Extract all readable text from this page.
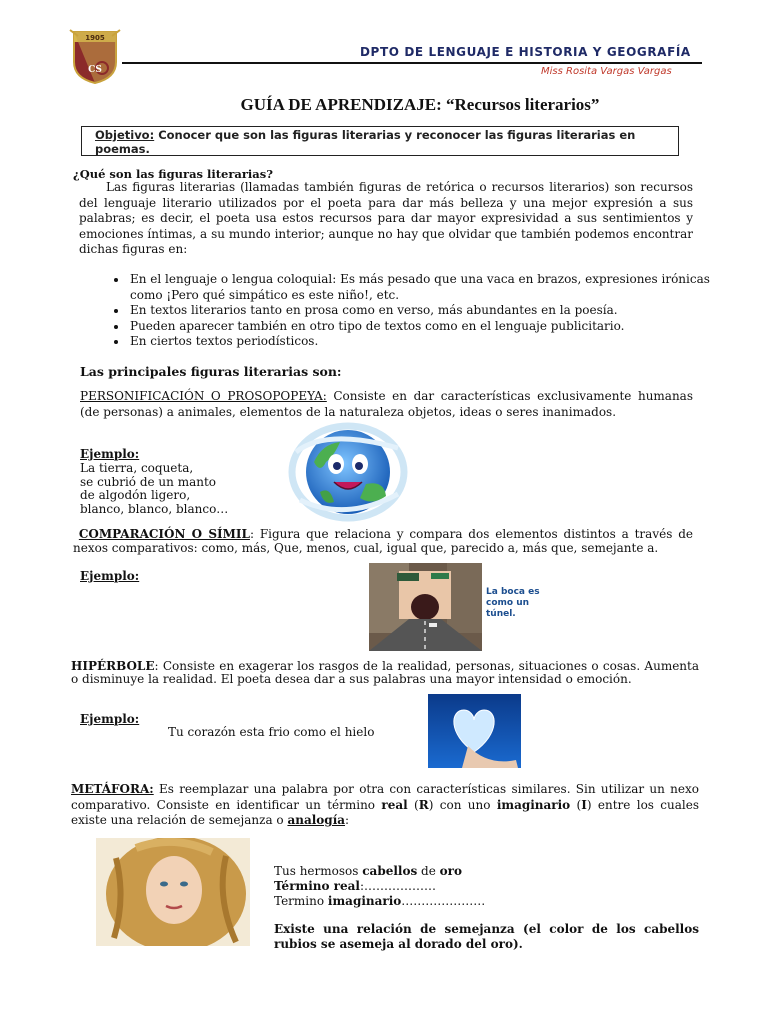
1905
CS
DPTO DE LENGUAJE E HISTORIA Y GEOGRAFÍA
Miss Rosita Vargas Vargas
GUÍA DE APRENDIZAJE: “Recursos literarios”
Objetivo: Conocer que son las figuras literarias y reconocer las figuras literarias en poemas.
¿Qué son las figuras literarias?
Las figuras literarias (llamadas también figuras de retórica o recursos literarios) son recursos del lenguaje literario utilizados por el poeta para dar más belleza y una mejor expresión a sus palabras; es decir, el poeta usa estos recursos para dar mayor expresividad a sus sentimientos y emociones íntimas, a su mundo interior; aunque no hay que olvidar que también podemos encontrar dichas figuras en:
• En el lenguaje o lengua coloquial: Es más pesado que una vaca en brazos, expresiones irónicas como ¡Pero qué simpático es este niño!, etc.
• En textos literarios tanto en prosa como en verso, más abundantes en la poesía.
• Pueden aparecer también en otro tipo de textos como en el lenguaje publicitario.
• En ciertos textos periodísticos.
Las principales figuras literarias son:
PERSONIFICACIÓN O PROSOPOPEYA: Consiste en dar características exclusivamente humanas (de personas) a animales, elementos de la naturaleza objetos, ideas o seres inanimados.
Ejemplo:
La tierra, coqueta,
se cubrió de un manto
de algodón ligero,
blanco, blanco, blanco…
COMPARACIÓN O SÍMIL: Figura que relaciona y compara dos elementos distintos a través de nexos comparativos: como, más, Que, menos, cual, igual que, parecido a, más que, semejante a.
Ejemplo:
La boca es como un túnel.
HIPÉRBOLE: Consiste en exagerar los rasgos de la realidad, personas, situaciones o cosas. Aumenta o disminuye la realidad. El poeta desea dar a sus palabras una mayor intensidad o emoción.
Ejemplo:
Tu corazón esta frio como el hielo
METÁFORA: Es reemplazar una palabra por otra con características similares. Sin utilizar un nexo comparativo. Consiste en identificar un término real (R) con uno imaginario (I) entre los cuales existe una relación de semejanza o analogía:
Tus hermosos cabellos de oro
Término real:………………
Termino imaginario…………………
Existe una relación de semejanza (el color de los cabellos rubios se asemeja al dorado del oro).
